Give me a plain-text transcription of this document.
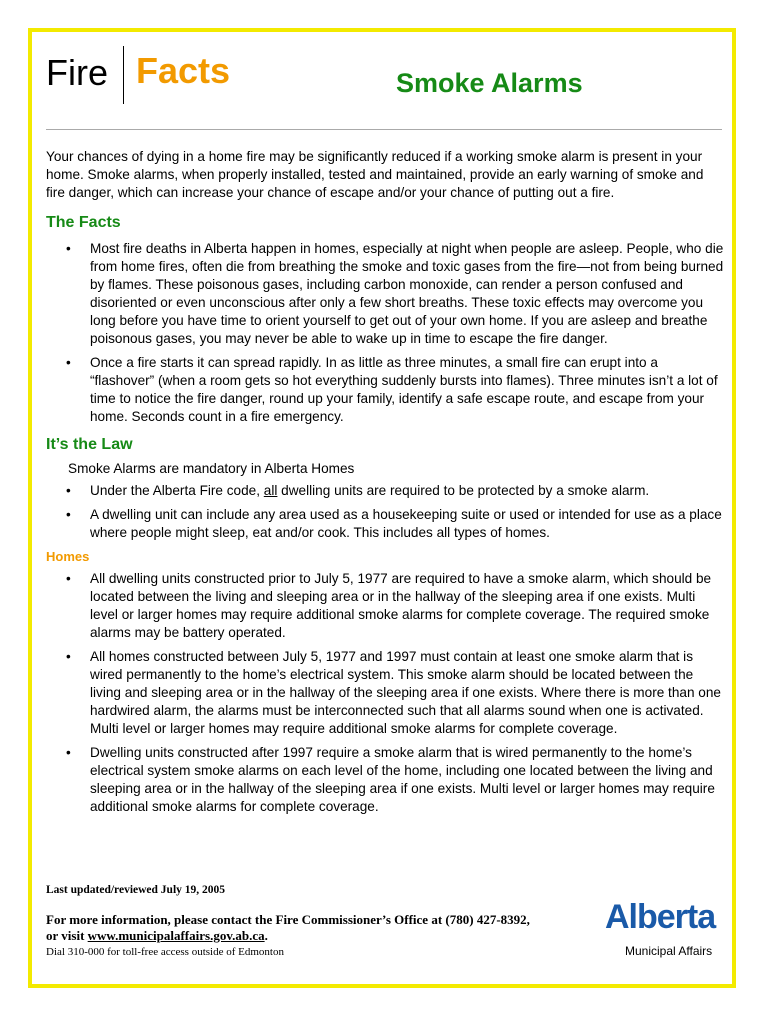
Fire Facts	Smoke Alarms

Your chances of dying in a home fire may be significantly reduced if a working smoke alarm is present in your home. Smoke alarms, when properly installed, tested and maintained, provide an early warning of smoke and fire danger, which can increase your chance of escape and/or your chance of putting out a fire.

The Facts
• Most fire deaths in Alberta happen in homes, especially at night when people are asleep. People, who die from home fires, often die from breathing the smoke and toxic gases from the fire—not from being burned by flames. These poisonous gases, including carbon monoxide, can render a person confused and disoriented or even unconscious after only a few short breaths. These toxic effects may overcome you long before you have time to orient yourself to get out of your own home. If you are asleep and breathe poisonous gases, you may never be able to wake up in time to escape the fire danger.
• Once a fire starts it can spread rapidly. In as little as three minutes, a small fire can erupt into a “flashover” (when a room gets so hot everything suddenly bursts into flames). Three minutes isn’t a lot of time to notice the fire danger, round up your family, identify a safe escape route, and escape from your home. Seconds count in a fire emergency.
It’s the Law

Smoke Alarms are mandatory in Alberta Homes

• Under the Alberta Fire code, all dwelling units are required to be protected by a smoke alarm.
• A dwelling unit can include any area used as a housekeeping suite or used or intended for use as a place where people might sleep, eat and/or cook. This includes all types of homes.
Homes
• All dwelling units constructed prior to July 5, 1977 are required to have a smoke alarm, which should be located between the living and sleeping area or in the hallway of the sleeping area if one exists. Multi level or larger homes may require additional smoke alarms for complete coverage. The required smoke alarms may be battery operated.
• All homes constructed between July 5, 1977 and 1997 must contain at least one smoke alarm that is wired permanently to the home’s electrical system. This smoke alarm should be located between the living and sleeping area or in the hallway of the sleeping area if one exists. Where there is more than one hardwired alarm, the alarms must be interconnected such that all alarms sound when one is activated. Multi level or larger homes may require additional smoke alarms for complete coverage.
• Dwelling units constructed after 1997 require a smoke alarm that is wired permanently to the home’s electrical system smoke alarms on each level of the home, including one located between the living and sleeping area or in the hallway of the sleeping area if one exists. Multi level or larger homes may require additional smoke alarms for complete coverage.
Last updated/reviewed July 19, 2005
For more information, please contact the Fire Commissioner’s Office at (780) 427-8392,
or visit www.municipalaffairs.gov.ab.ca.
Dial 310-000 for toll-free access outside of Edmonton
Alberta
Municipal Affairs
